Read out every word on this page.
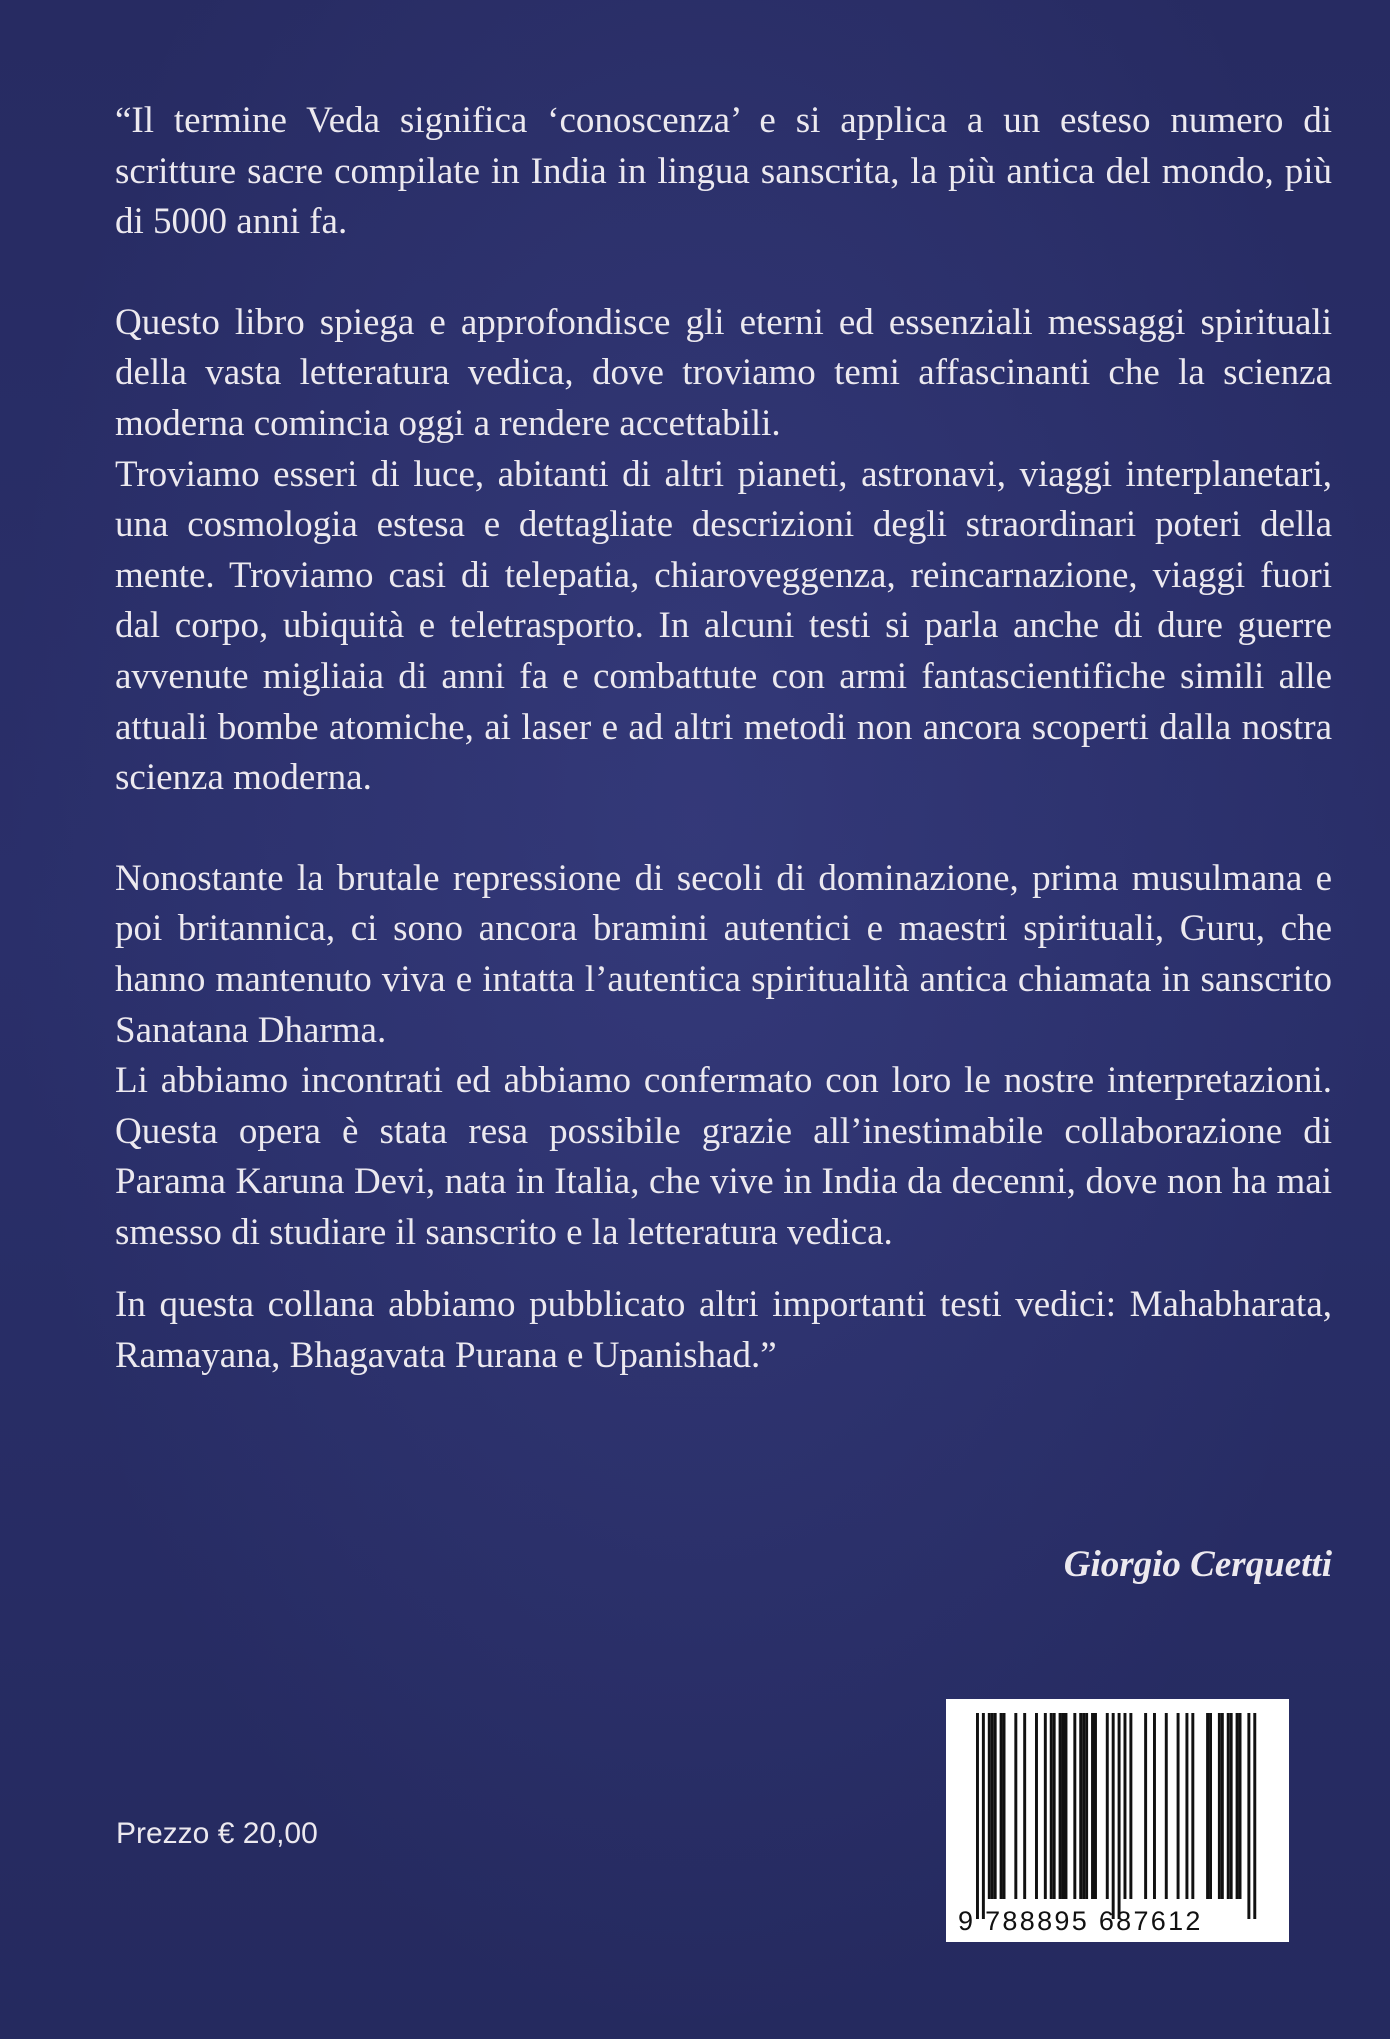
“Il termine Veda significa ‘conoscenza’ e si applica a un esteso numero di scritture sacre compilate in India in lingua sanscrita, la più antica del mondo, più di 5000 anni fa.

Questo libro spiega e approfondisce gli eterni ed essenziali messaggi spirituali della vasta letteratura vedica, dove troviamo temi affascinanti che la scienza moderna comincia oggi a rendere accettabili.

Troviamo esseri di luce, abitanti di altri pianeti, astronavi, viaggi interplanetari, una cosmologia estesa e dettagliate descrizioni degli straordinari poteri della mente. Troviamo casi di telepatia, chiaroveggenza, reincarnazione, viaggi fuori dal corpo, ubiquità e teletrasporto. In alcuni testi si parla anche di dure guerre avvenute migliaia di anni fa e combattute con armi fantascientifiche simili alle attuali bombe atomiche, ai laser e ad altri metodi non ancora scoperti dalla nostra scienza moderna.

Nonostante la brutale repressione di secoli di dominazione, prima musulmana e poi britannica, ci sono ancora bramini autentici e maestri spirituali, Guru, che hanno mantenuto viva e intatta l’autentica spiritualità antica chiamata in sanscrito Sanatana Dharma.

Li abbiamo incontrati ed abbiamo confermato con loro le nostre interpretazioni. Questa opera è stata resa possibile grazie all’inestimabile collaborazione di Parama Karuna Devi, nata in Italia, che vive in India da decenni, dove non ha mai smesso di studiare il sanscrito e la letteratura vedica.

In questa collana abbiamo pubblicato altri importanti testi vedici: Mahabharata, Ramayana, Bhagavata Purana e Upanishad.”

Giorgio Cerquetti
Prezzo € 20,00
9 788895 687612
